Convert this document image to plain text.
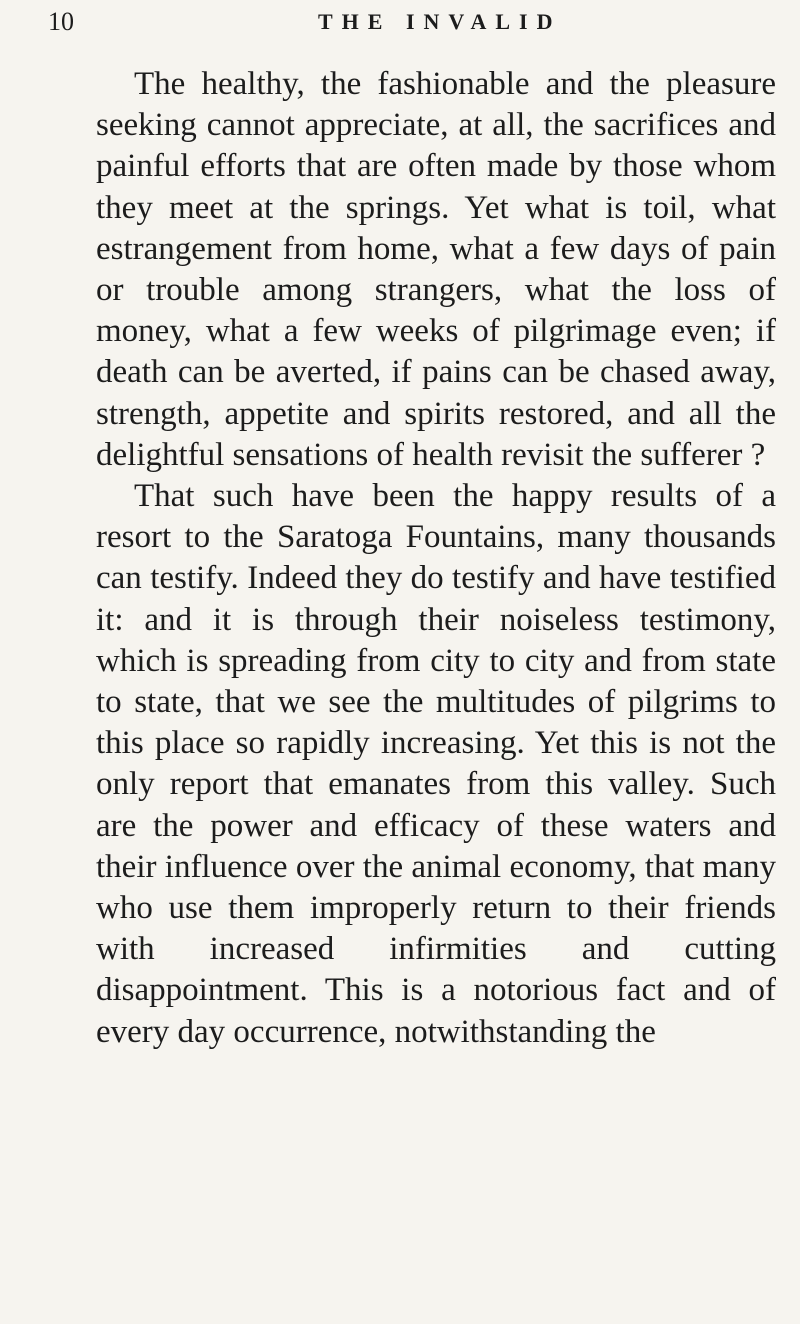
10	THE INVALID

The healthy, the fashionable and the pleasure seeking cannot appreciate, at all, the sacrifices and painful efforts that are often made by those whom they meet at the springs. Yet what is toil, what estrangement from home, what a few days of pain or trouble among strangers, what the loss of money, what a few weeks of pilgrimage even; if death can be averted, if pains can be chased away, strength, appetite and spirits restored, and all the delightful sensations of health revisit the sufferer ?

That such have been the happy results of a resort to the Saratoga Fountains, many thousands can testify. Indeed they do testify and have testified it: and it is through their noiseless testimony, which is spreading from city to city and from state to state, that we see the multitudes of pilgrims to this place so rapidly increasing. Yet this is not the only report that emanates from this valley. Such are the power and efficacy of these waters and their influence over the animal economy, that many who use them improperly return to their friends with increased infirmities and cutting disappointment. This is a notorious fact and of every day occurrence, notwithstanding the
